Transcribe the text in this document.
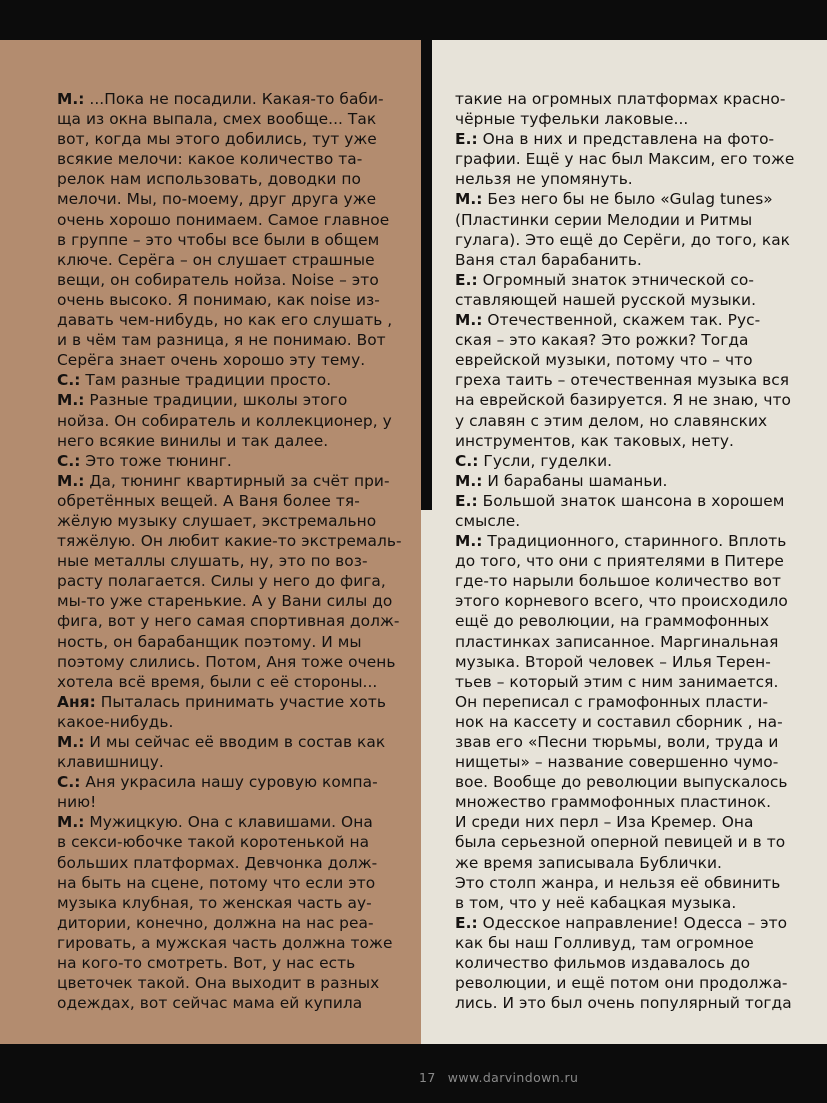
М.: ...Пока не посадили. Какая-то баби-
ща из окна выпала, смех вообще... Так
вот, когда мы этого добились, тут уже
всякие мелочи: какое количество та-
релок нам использовать, доводки по
мелочи. Мы, по-моему, друг друга уже
очень хорошо понимаем. Самое главное
в группе – это чтобы все были в общем
ключе. Серёга – он слушает страшные
вещи, он собиратель нойза. Noise – это
очень высоко. Я понимаю, как noise из-
давать чем-нибудь, но как его слушать ,
и в чём там разница, я не понимаю. Вот
Серёга знает очень хорошо эту тему.
С.: Там разные традиции просто.
М.: Разные традиции, школы этого
нойза. Он собиратель и коллекционер, у
него всякие винилы и так далее.
С.: Это тоже тюнинг.
М.: Да, тюнинг квартирный за счёт при-
обретённых вещей. А Ваня более тя-
жёлую музыку слушает, экстремально
тяжёлую. Он любит какие-то экстремаль-
ные металлы слушать, ну, это по воз-
расту полагается. Силы у него до фига,
мы-то уже старенькие. А у Вани силы до
фига, вот у него самая спортивная долж-
ность, он барабанщик поэтому. И мы
поэтому слились. Потом, Аня тоже очень
хотела всё время, были с её стороны...
Аня: Пыталась принимать участие хоть
какое-нибудь.
М.: И мы сейчас её вводим в состав как
клавишницу.
С.: Аня украсила нашу суровую компа-
нию!
М.: Мужицкую. Она с клавишами. Она
в секси-юбочке такой коротенькой на
больших платформах. Девчонка долж-
на быть на сцене, потому что если это
музыка клубная, то женская часть ау-
дитории, конечно, должна на нас реа-
гировать, а мужская часть должна тоже
на кого-то смотреть. Вот, у нас есть
цветочек такой. Она выходит в разных
одеждах, вот сейчас мама ей купила
такие на огромных платформах красно-
чёрные туфельки лаковые...
Е.: Она в них и представлена на фото-
графии. Ещё у нас был Максим, его тоже
нельзя не упомянуть.
М.: Без него бы не было «Gulag tunes»
(Пластинки серии Мелодии и Ритмы
гулага). Это ещё до Серёги, до того, как
Ваня стал барабанить.
Е.: Огромный знаток этнической со-
ставляющей нашей русской музыки.
М.: Отечественной, скажем так. Рус-
ская – это какая? Это рожки? Тогда
еврейской музыки, потому что – что
греха таить – отечественная музыка вся
на еврейской базируется. Я не знаю, что
у славян с этим делом, но славянских
инструментов, как таковых, нету.
С.: Гусли, гуделки.
М.: И барабаны шаманьи.
Е.: Большой знаток шансона в хорошем
смысле.
М.: Традиционного, старинного. Вплоть
до того, что они с приятелями в Питере
где-то нарыли большое количество вот
этого корневого всего, что происходило
ещё до революции, на граммофонных
пластинках записанное. Маргинальная
музыка. Второй человек – Илья Терен-
тьев – который этим с ним занимается.
Он переписал с грамофонных пласти-
нок на кассету и составил сборник , на-
звав его «Песни тюрьмы, воли, труда и
нищеты» – название совершенно чумо-
вое. Вообще до революции выпускалось
множество граммофонных пластинок.
И среди них перл – Иза Кремер. Она
была серьезной оперной певицей и в то
же время записывала Бублички.
Это столп жанра, и нельзя её обвинить
в том, что у неё кабацкая музыка.
Е.: Одесское направление! Одесса – это
как бы наш Голливуд, там огромное
количество фильмов издавалось до
революции, и ещё потом они продолжа-
лись. И это был очень популярный тогда
17 www.darvindown.ru
